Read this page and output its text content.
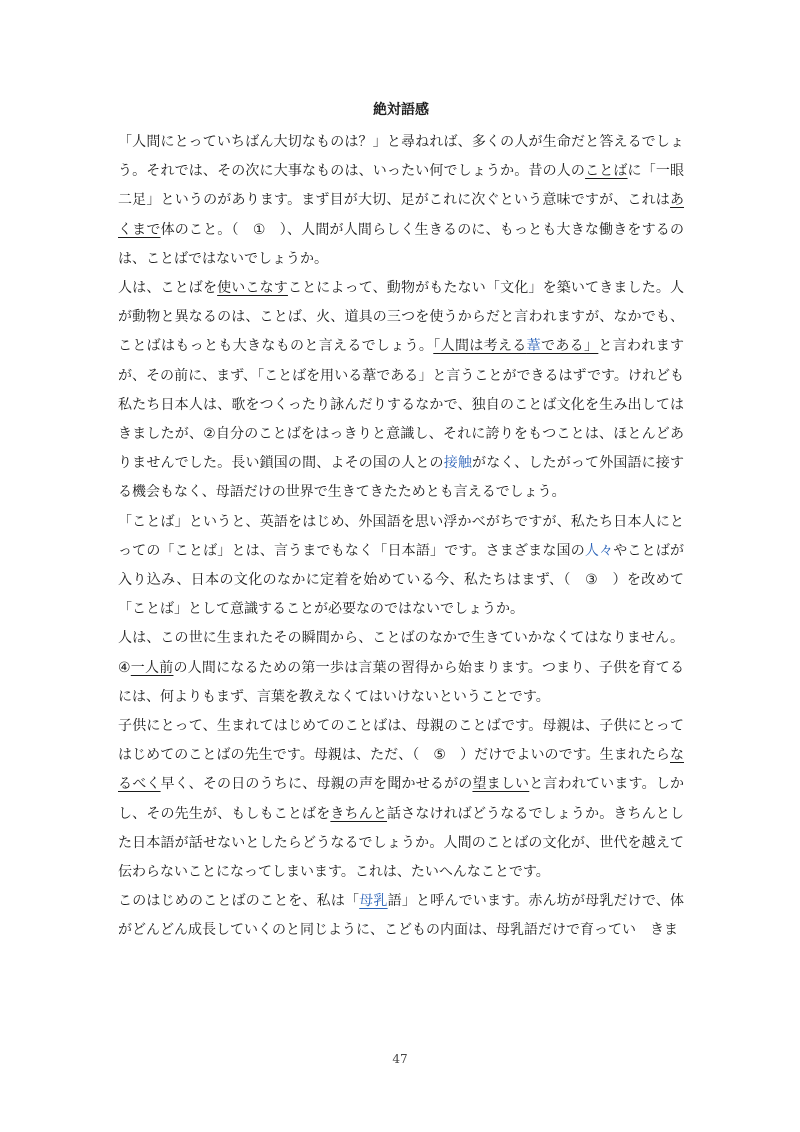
絶対語感

「人間にとっていちばん大切なものは？」と尋ねれば、多くの人が生命だと答えるでしょう。それでは、その次に大事なものは、いったい何でしょうか。昔の人のことばに「一眼二足」というのがあります。まず目が大切、足がこれに次ぐという意味ですが、これはあくまで体のこと。（　①　）、人間が人間らしく生きるのに、もっとも大きな働きをするのは、ことばではないでしょうか。

人は、ことばを使いこなすことによって、動物がもたない「文化」を築いてきました。人が動物と異なるのは、ことば、火、道具の三つを使うからだと言われますが、なかでも、ことばはもっとも大きなものと言えるでしょう。「人間は考える葦である」と言われますが、その前に、まず、「ことばを用いる葦である」と言うことができるはずです。けれども私たち日本人は、歌をつくったり詠んだりするなかで、独自のことば文化を生み出してはきましたが、②自分のことばをはっきりと意識し、それに誇りをもつことは、ほとんどありませんでした。長い鎖国の間、よその国の人との接触がなく、したがって外国語に接する機会もなく、母語だけの世界で生きてきたためとも言えるでしょう。

「ことば」というと、英語をはじめ、外国語を思い浮かべがちですが、私たち日本人にとっての「ことば」とは、言うまでもなく「日本語」です。さまざまな国の人々やことばが入り込み、日本の文化のなかに定着を始めている今、私たちはまず、（　③　）を改めて「ことば」として意識することが必要なのではないでしょうか。

人は、この世に生まれたその瞬間から、ことばのなかで生きていかなくてはなりません。④一人前の人間になるための第一歩は言葉の習得から始まります。つまり、子供を育てるには、何よりもまず、言葉を教えなくてはいけないということです。

子供にとって、生まれてはじめてのことばは、母親のことばです。母親は、子供にとってはじめてのことばの先生です。母親は、ただ、（　⑤　）だけでよいのです。生まれたらなるべく早く、その日のうちに、母親の声を聞かせるがの望ましいと言われています。しかし、その先生が、もしもことばをきちんと話さなければどうなるでしょうか。きちんとした日本語が話せないとしたらどうなるでしょうか。人間のことばの文化が、世代を越えて伝わらないことになってしまいます。これは、たいへんなことです。

このはじめのことばのことを、私は「母乳語」と呼んでいます。赤ん坊が母乳だけで、体がどんどん成長していくのと同じように、こどもの内面は、母乳語だけで育ってい　きま

47
